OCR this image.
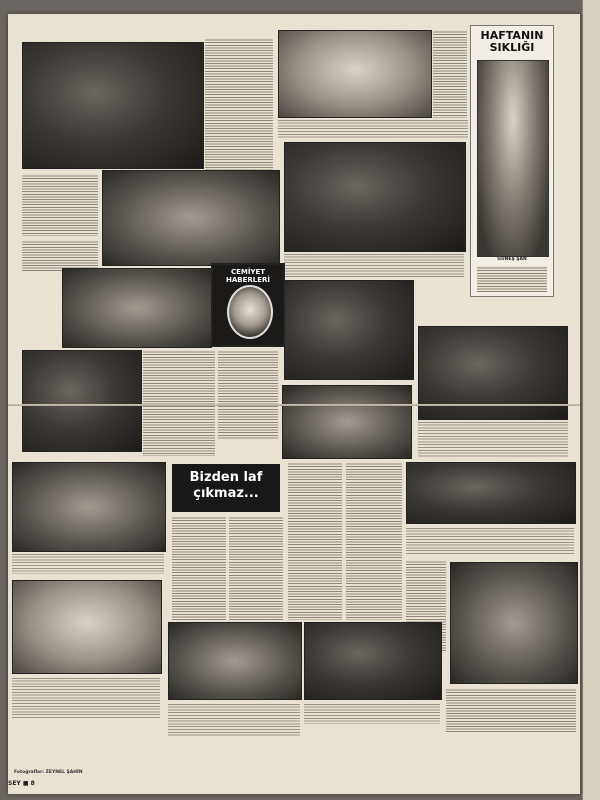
HAFTANIN SIKLIĞI
GÜNEŞ ŞAN
CEMİYET HABERLERİ
Bizden laf çıkmaz...
Fotoğraflar: ZEYNEL ŞAHİN
SEY ■ 8
